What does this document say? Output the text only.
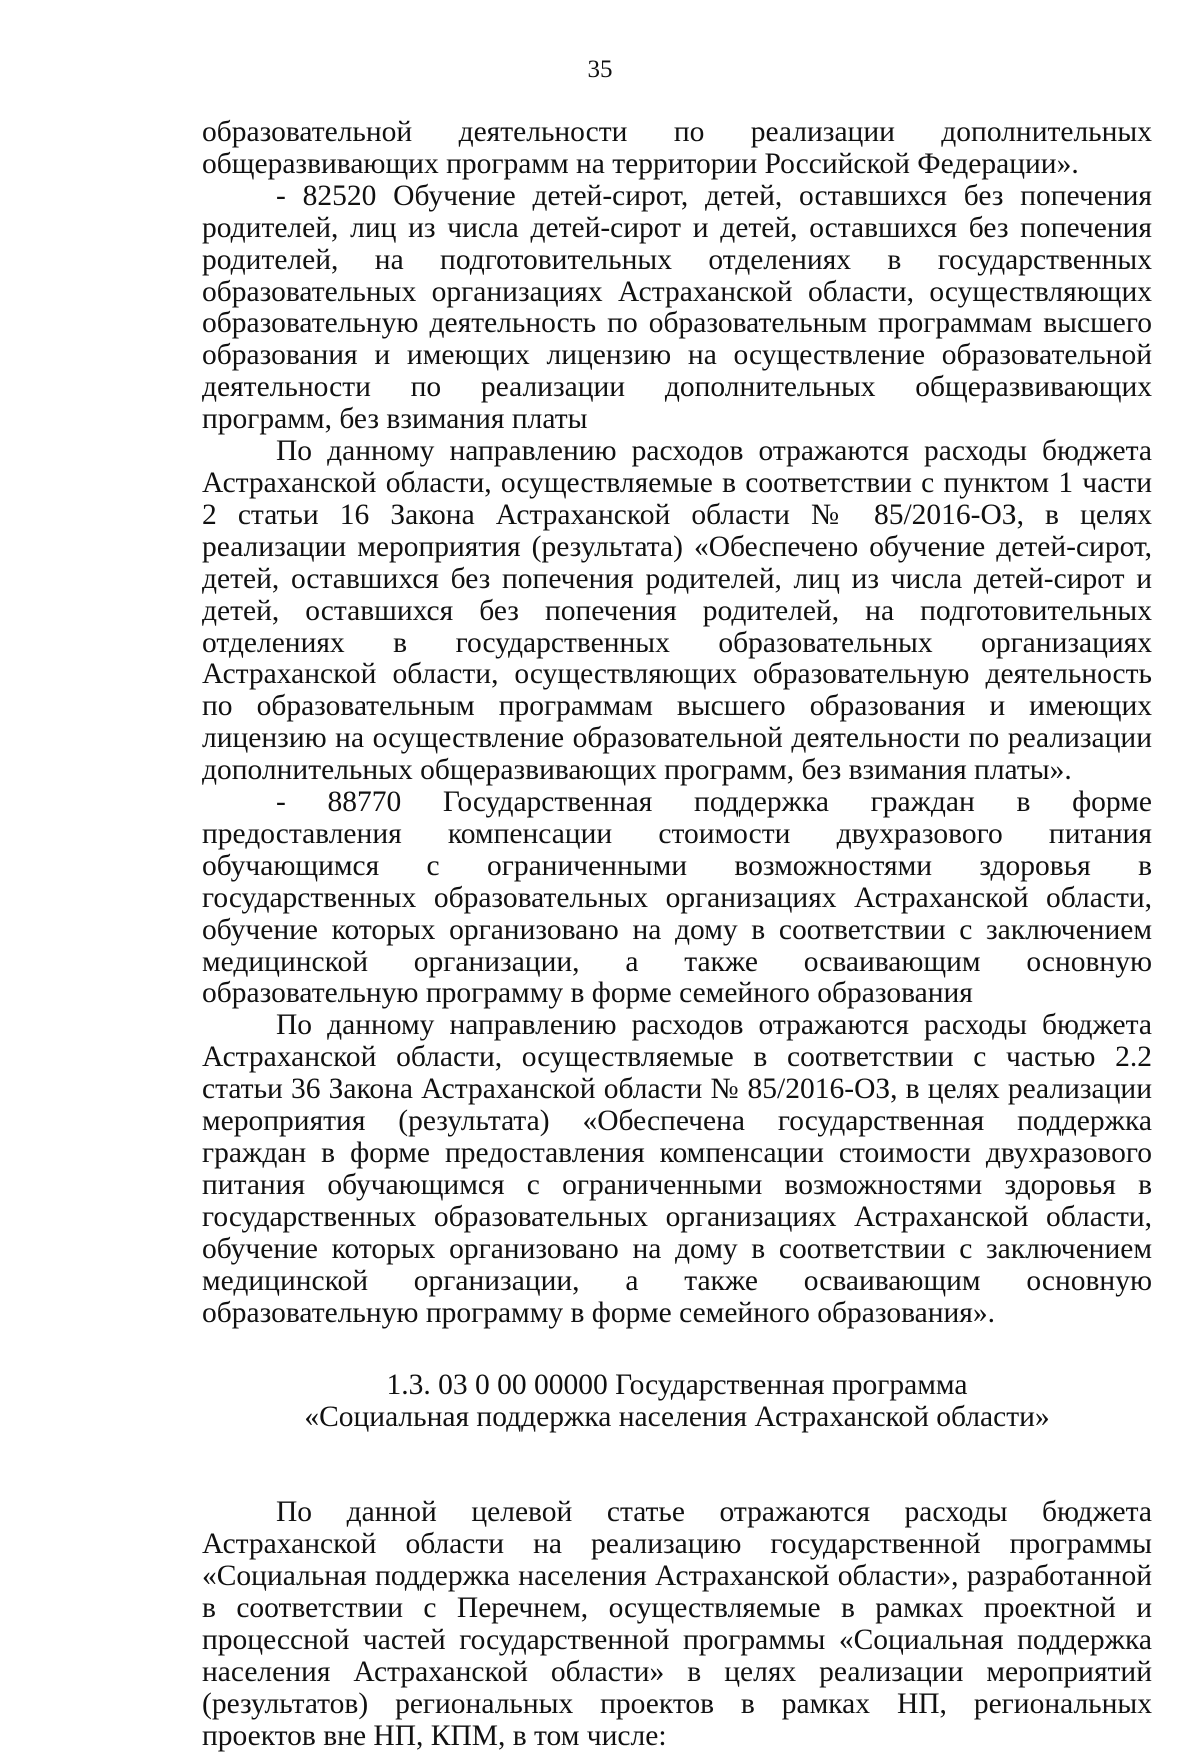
35

образовательной деятельности по реализации дополнительных общеразвивающих программ на территории Российской Федерации».

- 82520 Обучение детей-сирот, детей, оставшихся без попечения родителей, лиц из числа детей-сирот и детей, оставшихся без попечения родителей, на подготовительных отделениях в государственных образовательных организациях Астраханской области, осуществляющих образовательную деятельность по образовательным программам высшего образования и имеющих лицензию на осуществление образовательной деятельности по реализации дополнительных общеразвивающих программ, без взимания платы

По данному направлению расходов отражаются расходы бюджета Астраханской области, осуществляемые в соответствии с пунктом 1 части 2 статьи 16 Закона Астраханской области № 85/2016-ОЗ, в целях реализации мероприятия (результата) «Обеспечено обучение детей-сирот, детей, оставшихся без попечения родителей, лиц из числа детей-сирот и детей, оставшихся без попечения родителей, на подготовительных отделениях в государственных образовательных организациях Астраханской области, осуществляющих образовательную деятельность по образовательным программам высшего образования и имеющих лицензию на осуществление образовательной деятельности по реализации дополнительных общеразвивающих программ, без взимания платы».

- 88770 Государственная поддержка граждан в форме предоставления компенсации стоимости двухразового питания обучающимся с ограниченными возможностями здоровья в государственных образовательных организациях Астраханской области, обучение которых организовано на дому в соответствии с заключением медицинской организации, а также осваивающим основную образовательную программу в форме семейного образования

По данному направлению расходов отражаются расходы бюджета Астраханской области, осуществляемые в соответствии с частью 2.2 статьи 36 Закона Астраханской области № 85/2016-ОЗ, в целях реализации мероприятия (результата) «Обеспечена государственная поддержка граждан в форме предоставления компенсации стоимости двухразового питания обучающимся с ограниченными возможностями здоровья в государственных образовательных организациях Астраханской области, обучение которых организовано на дому в соответствии с заключением медицинской организации, а также осваивающим основную образовательную программу в форме семейного образования».

1.3. 03 0 00 00000 Государственная программа
«Социальная поддержка населения Астраханской области»

По данной целевой статье отражаются расходы бюджета Астраханской области на реализацию государственной программы «Социальная поддержка населения Астраханской области», разработанной в соответствии с Перечнем, осуществляемые в рамках проектной и процессной частей государственной программы «Социальная поддержка населения Астраханской области» в целях реализации мероприятий (результатов) региональных проектов в рамках НП, региональных проектов вне НП, КПМ, в том числе:
